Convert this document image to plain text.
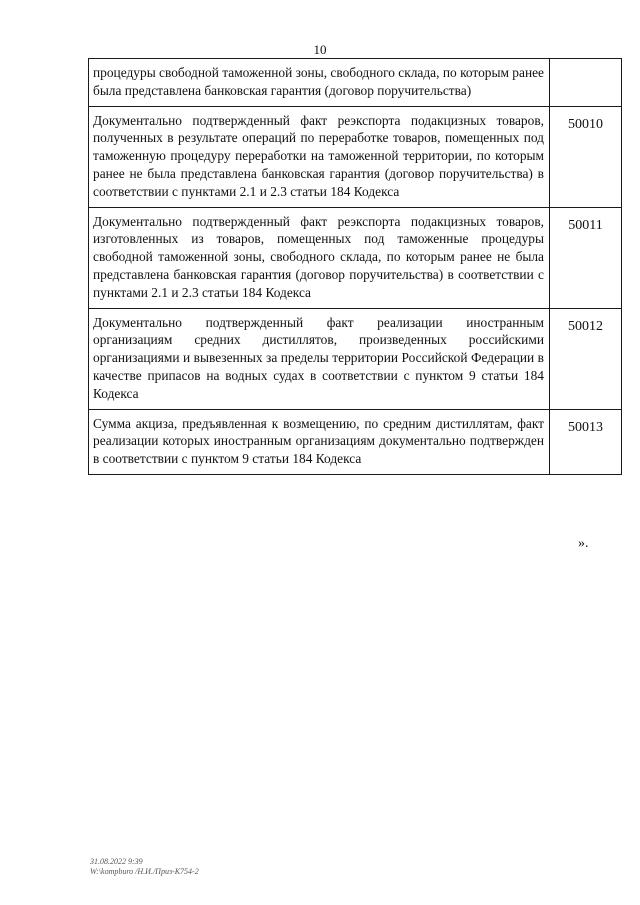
10
процедуры свободной таможенной зоны, свободного склада, по которым ранее была представлена банковская гарантия (договор поручительства)	
Документально подтвержденный факт реэкспорта подакцизных товаров, полученных в результате операций по переработке товаров, помещенных под таможенную процедуру переработки на таможенной территории, по которым ранее не была представлена банковская гарантия (договор поручительства) в соответствии с пунктами 2.1 и 2.3 статьи 184 Кодекса	50010
Документально подтвержденный факт реэкспорта подакцизных товаров, изготовленных из товаров, помещенных под таможенные процедуры свободной таможенной зоны, свободного склада, по которым ранее не была представлена банковская гарантия (договор поручительства) в соответствии с пунктами 2.1 и 2.3 статьи 184 Кодекса	50011
Документально подтвержденный факт реализации иностранным организациям средних дистиллятов, произведенных российскими организациями и вывезенных за пределы территории Российской Федерации в качестве припасов на водных судах в соответствии с пунктом 9 статьи 184 Кодекса	50012
Сумма акциза, предъявленная к возмещению, по средним дистиллятам, факт реализации которых иностранным организациям документально подтвержден в соответствии с пунктом 9 статьи 184 Кодекса	50013
».
31.08.2022 9:39
W:\kompburo /Н.И./Приз-К754-2
